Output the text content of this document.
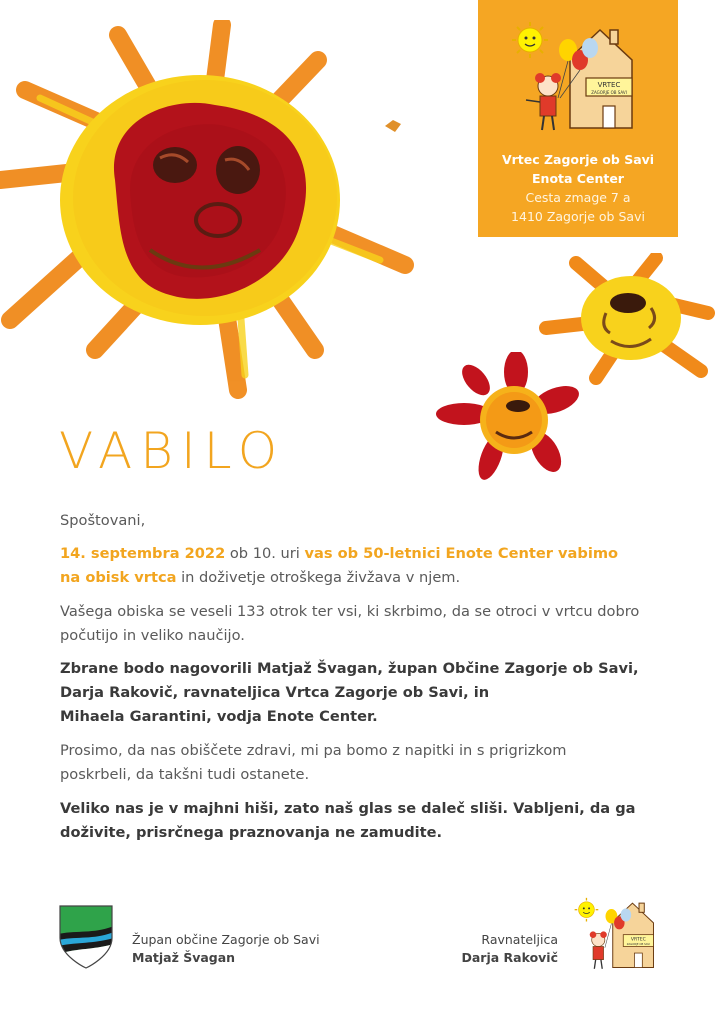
VRTEC
ZAGORJE OB SAVI
Vrtec Zagorje ob Savi
Enota Center
Cesta zmage 7 a
1410 Zagorje ob Savi
VABILO
Spoštovani,
14. septembra 2022 ob 10. uri vas ob 50-letnici Enote Center vabimo
na obisk vrtca in doživetje otroškega živžava v njem.
Vašega obiska se veseli 133 otrok ter vsi, ki skrbimo, da se otroci v vrtcu dobro
počutijo in veliko naučijo.
Zbrane bodo nagovorili Matjaž Švagan, župan Občine Zagorje ob Savi,
Darja Rakovič, ravnateljica Vrtca Zagorje ob Savi, in
Mihaela Garantini, vodja Enote Center.
Prosimo, da nas obiščete zdravi, mi pa bomo z napitki in s prigrizkom
poskrbeli, da takšni tudi ostanete.
Veliko nas je v majhni hiši, zato naš glas se daleč sliši. Vabljeni, da ga
doživite, prisrčnega praznovanja ne zamudite.
Župan občine Zagorje ob Savi
Matjaž Švagan
Ravnateljica
Darja Rakovič
VRTEC
ZAGORJE OB SAVI
